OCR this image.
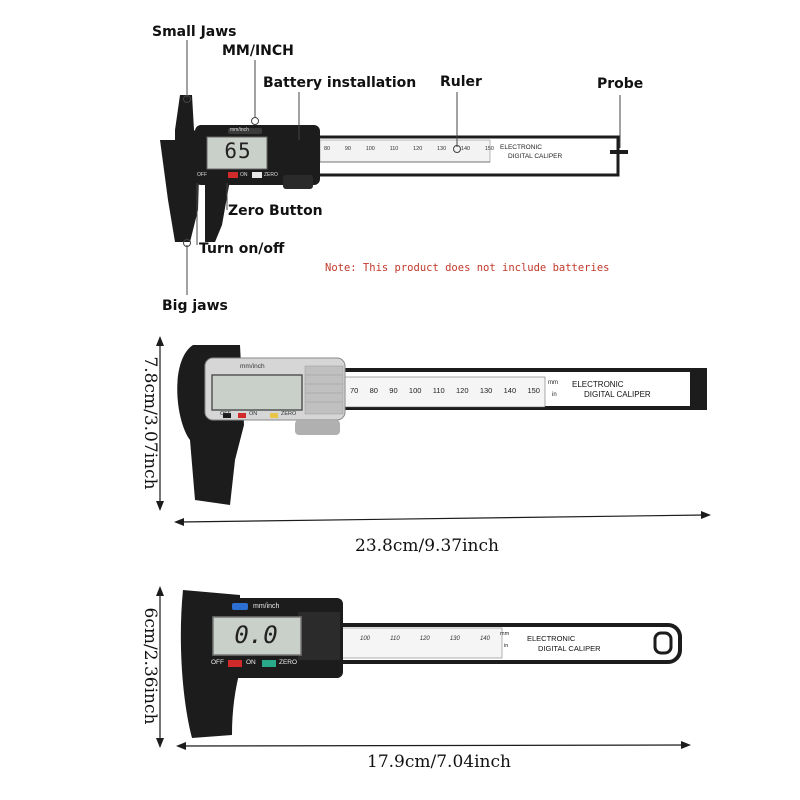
Small Jaws
MM/INCH
Battery installation Ruler	Probe
Zero Button
Turn on/off
Big jaws
Note: This product does not include batteries
65
mm/inch
ELECTRONIC
DIGITAL CALIPER
80	90	100	110	120	130	140	150
OFF	ON	ZERO
mm/inch
70 80 90 100 110 120 130 140 150
mm
in
ELECTRONIC
DIGITAL CALIPER
OFF	ON	ZERO
7.8cm/3.07inch
23.8cm/9.37inch
0.0
mm/inch
100	110	120	130	140
mm
in
ELECTRONIC
DIGITAL CALIPER
OFF	ON	ZERO
6cm/2.36inch
17.9cm/7.04inch
